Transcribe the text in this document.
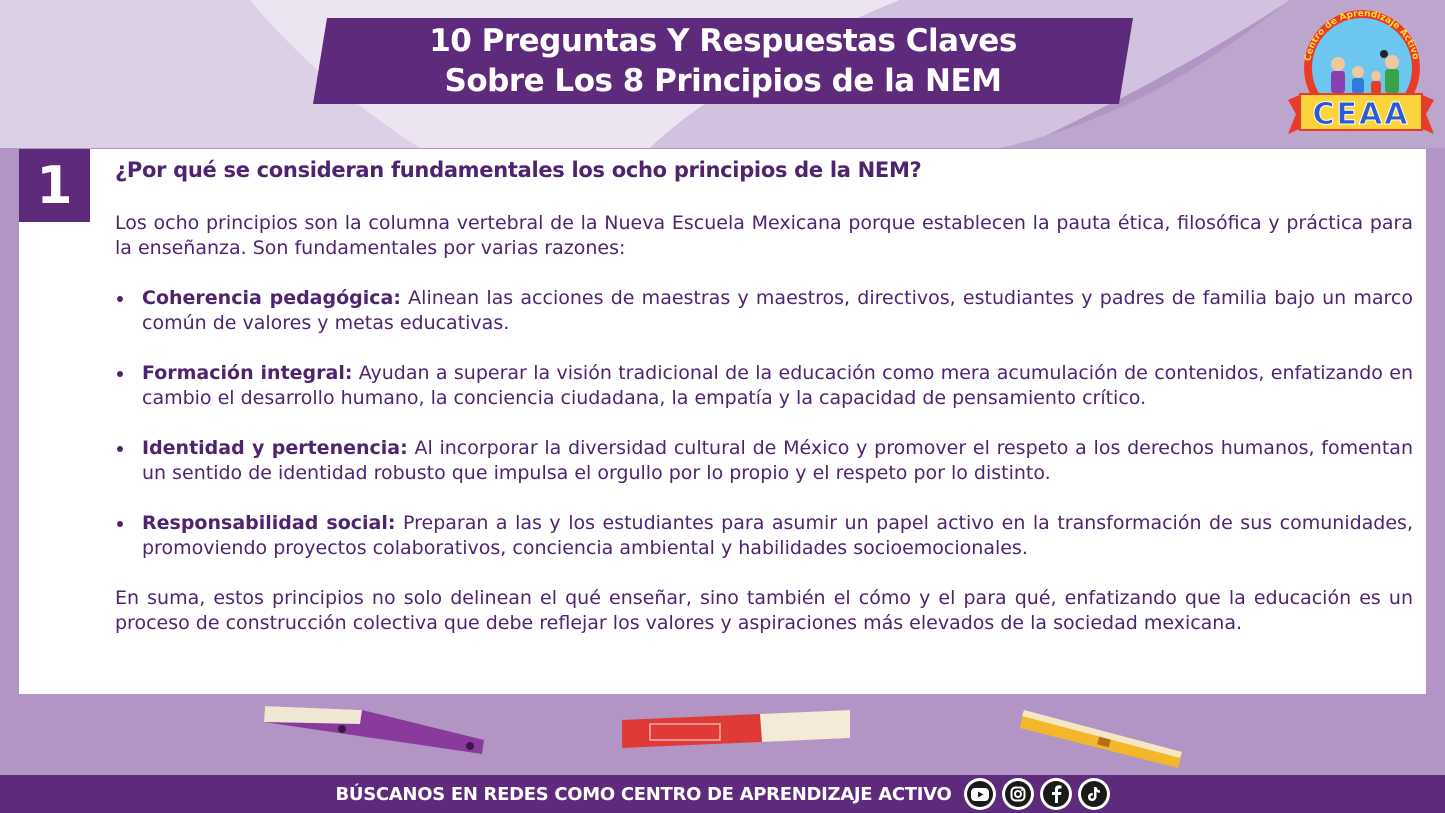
10 Preguntas Y Respuestas Claves
Sobre Los 8 Principios de la NEM
Centro de Aprendizaje Activo
CEAA
1	¿Por qué se consideran fundamentales los ocho principios de la NEM?

Los ocho principios son la columna vertebral de la Nueva Escuela Mexicana porque establecen la pauta ética, filosófica y práctica para la enseñanza. Son fundamentales por varias razones:

Coherencia pedagógica: Alinean las acciones de maestras y maestros, directivos, estudiantes y padres de familia bajo un marco común de valores y metas educativas.
Formación integral: Ayudan a superar la visión tradicional de la educación como mera acumulación de contenidos, enfatizando en cambio el desarrollo humano, la conciencia ciudadana, la empatía y la capacidad de pensamiento crítico.
Identidad y pertenencia: Al incorporar la diversidad cultural de México y promover el respeto a los derechos humanos, fomentan un sentido de identidad robusto que impulsa el orgullo por lo propio y el respeto por lo distinto.
Responsabilidad social: Preparan a las y los estudiantes para asumir un papel activo en la transformación de sus comunidades, promoviendo proyectos colaborativos, conciencia ambiental y habilidades socioemocionales.

En suma, estos principios no solo delinean el qué enseñar, sino también el cómo y el para qué, enfatizando que la educación es un proceso de construcción colectiva que debe reflejar los valores y aspiraciones más elevados de la sociedad mexicana.

BÚSCANOS EN REDES COMO CENTRO DE APRENDIZAJE ACTIVO
